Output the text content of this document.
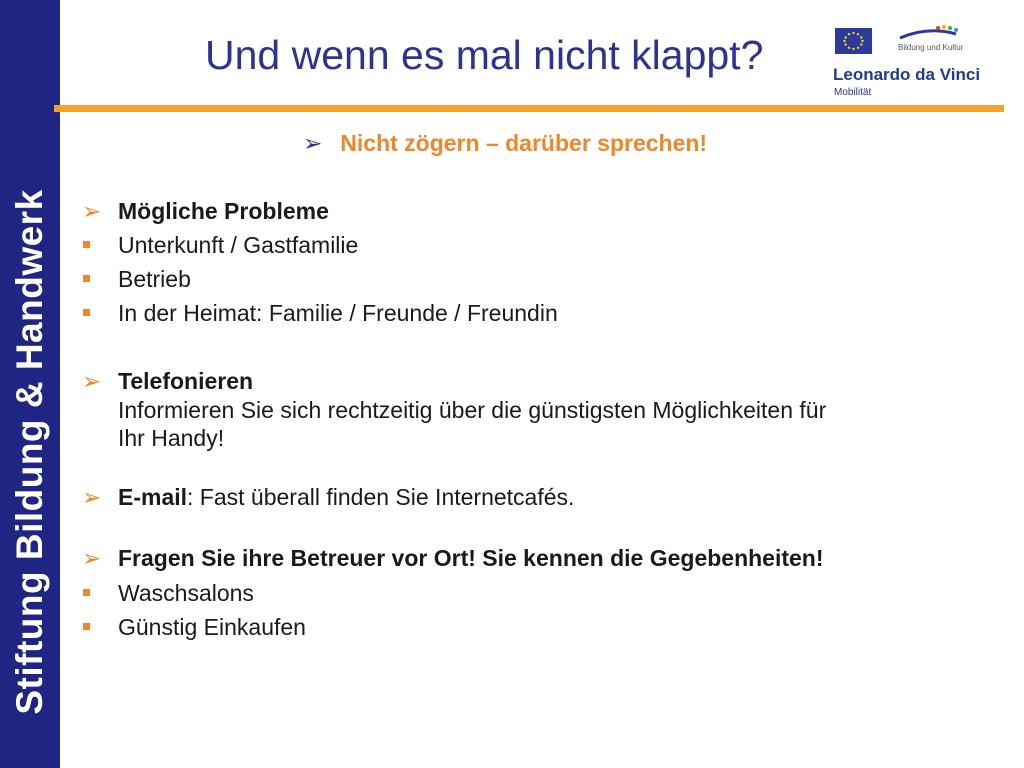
Stiftung Bildung & Handwerk
Und wenn es mal nicht klappt?	Bildung und Kultur
Leonardo da Vinci
Mobilität
➢ Nicht zögern – darüber sprechen!
➢ Mögliche Probleme
Unterkunft / Gastfamilie
Betrieb
In der Heimat: Familie / Freunde / Freundin
➢ Telefonieren
Informieren Sie sich rechtzeitig über die günstigsten Möglichkeiten für
Ihr Handy!
➢ E-mail: Fast überall finden Sie Internetcafés.
➢ Fragen Sie ihre Betreuer vor Ort! Sie kennen die Gegebenheiten!
Waschsalons
Günstig Einkaufen
